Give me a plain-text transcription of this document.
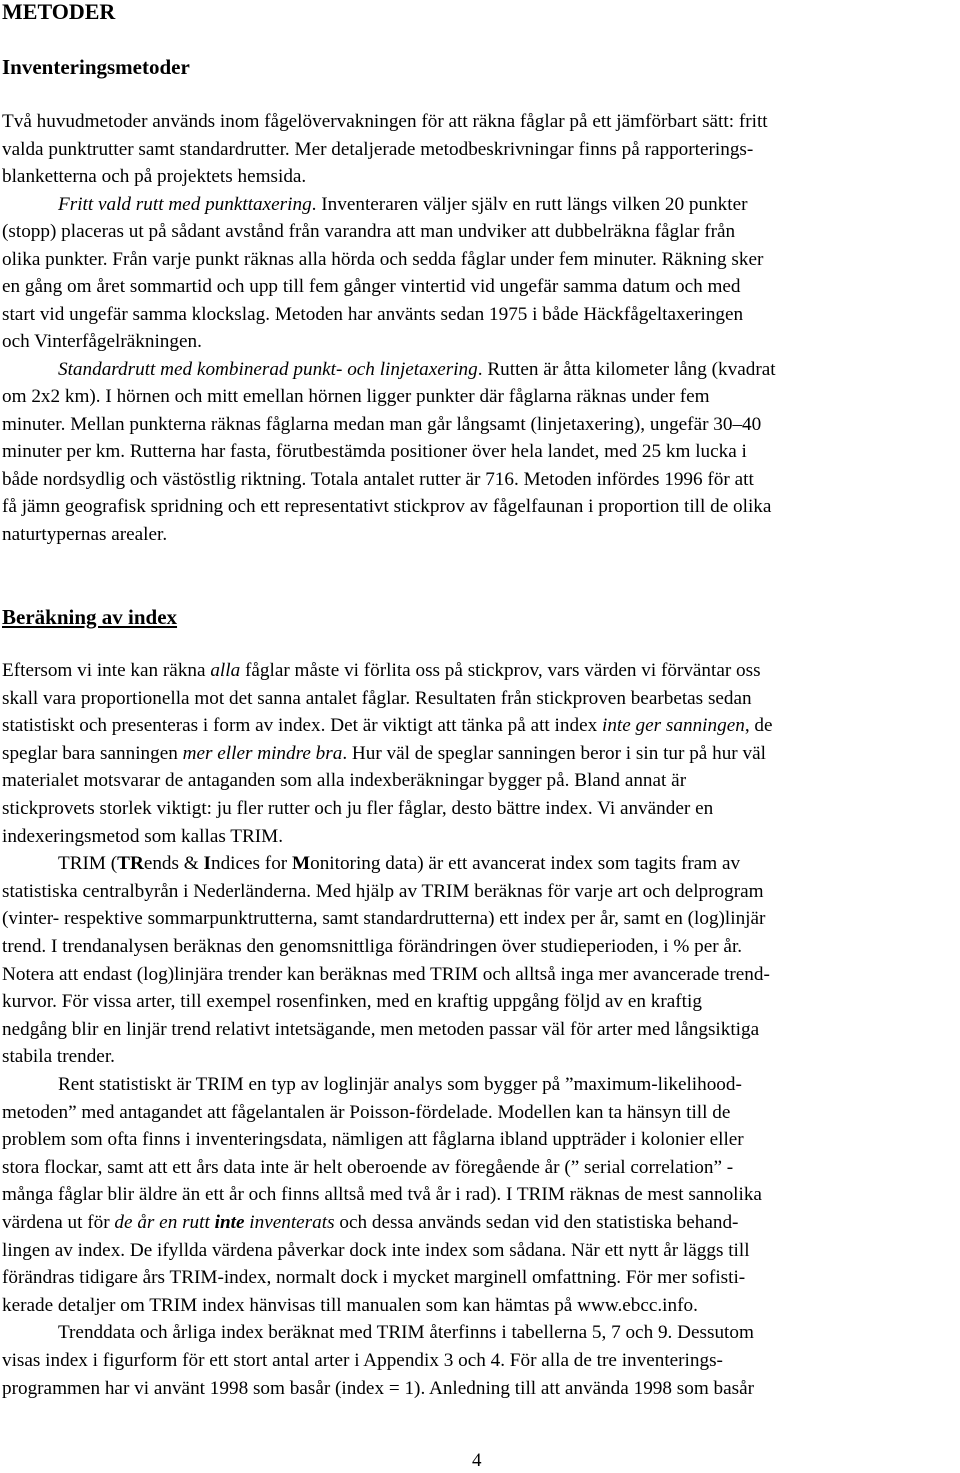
METODER
Inventeringsmetoder
Två huvudmetoder används inom fågelövervakningen för att räkna fåglar på ett jämförbart sätt: fritt
valda punktrutter samt standardrutter. Mer detaljerade metodbeskrivningar finns på rapporterings-
blanketterna och på projektets hemsida.
Fritt vald rutt med punkttaxering. Inventeraren väljer själv en rutt längs vilken 20 punkter
(stopp) placeras ut på sådant avstånd från varandra att man undviker att dubbelräkna fåglar från
olika punkter. Från varje punkt räknas alla hörda och sedda fåglar under fem minuter. Räkning sker
en gång om året sommartid och upp till fem gånger vintertid vid ungefär samma datum och med
start vid ungefär samma klockslag. Metoden har använts sedan 1975 i både Häckfågeltaxeringen
och Vinterfågelräkningen.
Standardrutt med kombinerad punkt- och linjetaxering. Rutten är åtta kilometer lång (kvadrat
om 2x2 km). I hörnen och mitt emellan hörnen ligger punkter där fåglarna räknas under fem
minuter. Mellan punkterna räknas fåglarna medan man går långsamt (linjetaxering), ungefär 30–40
minuter per km. Rutterna har fasta, förutbestämda positioner över hela landet, med 25 km lucka i
både nordsydlig och västöstlig riktning. Totala antalet rutter är 716. Metoden infördes 1996 för att
få jämn geografisk spridning och ett representativt stickprov av fågelfaunan i proportion till de olika
naturtypernas arealer.
Beräkning av index
Eftersom vi inte kan räkna alla fåglar måste vi förlita oss på stickprov, vars värden vi förväntar oss
skall vara proportionella mot det sanna antalet fåglar. Resultaten från stickproven bearbetas sedan
statistiskt och presenteras i form av index. Det är viktigt att tänka på att index inte ger sanningen, de
speglar bara sanningen mer eller mindre bra. Hur väl de speglar sanningen beror i sin tur på hur väl
materialet motsvarar de antaganden som alla indexberäkningar bygger på. Bland annat är
stickprovets storlek viktigt: ju fler rutter och ju fler fåglar, desto bättre index. Vi använder en
indexeringsmetod som kallas TRIM.
TRIM (TRends & Indices for Monitoring data) är ett avancerat index som tagits fram av
statistiska centralbyrån i Nederländerna. Med hjälp av TRIM beräknas för varje art och delprogram
(vinter- respektive sommarpunktrutterna, samt standardrutterna) ett index per år, samt en (log)linjär
trend. I trendanalysen beräknas den genomsnittliga förändringen över studieperioden, i % per år.
Notera att endast (log)linjära trender kan beräknas med TRIM och alltså inga mer avancerade trend-
kurvor. För vissa arter, till exempel rosenfinken, med en kraftig uppgång följd av en kraftig
nedgång blir en linjär trend relativt intetsägande, men metoden passar väl för arter med långsiktiga
stabila trender.
Rent statistiskt är TRIM en typ av loglinjär analys som bygger på ”maximum-likelihood-
metoden” med antagandet att fågelantalen är Poisson-fördelade. Modellen kan ta hänsyn till de
problem som ofta finns i inventeringsdata, nämligen att fåglarna ibland uppträder i kolonier eller
stora flockar, samt att ett års data inte är helt oberoende av föregående år (” serial correlation” -
många fåglar blir äldre än ett år och finns alltså med två år i rad). I TRIM räknas de mest sannolika
värdena ut för de år en rutt inte inventerats och dessa används sedan vid den statistiska behand-
lingen av index. De ifyllda värdena påverkar dock inte index som sådana. När ett nytt år läggs till
förändras tidigare års TRIM-index, normalt dock i mycket marginell omfattning. För mer sofisti-
kerade detaljer om TRIM index hänvisas till manualen som kan hämtas på www.ebcc.info.
Trenddata och årliga index beräknat med TRIM återfinns i tabellerna 5, 7 och 9. Dessutom
visas index i figurform för ett stort antal arter i Appendix 3 och 4. För alla de tre inventerings-
programmen har vi använt 1998 som basår (index = 1). Anledning till att använda 1998 som basår
4
